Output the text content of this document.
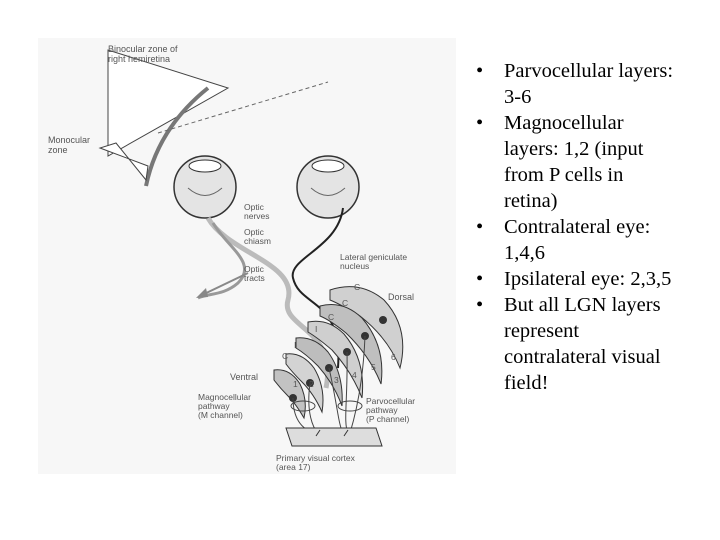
Binocular zone of
right hemiretina
Monocular
zone
Optic
nerves
Optic
chiasm
Optic
tracts
Lateral geniculate
nucleus
Dorsal
Ventral
Magnocellular
pathway
(M channel)
Parvocellular
pathway
(P channel)
Primary visual cortex
(area 17)
1 2 3 4
5
6
C
C
C
I
I
C
• Parvocellular layers:
3-6
• Magnocellular
layers: 1,2 (input
from P cells in
retina)
• Contralateral eye:
1,4,6
• Ipsilateral eye: 2,3,5
• But all LGN layers
represent
contralateral visual
field!
